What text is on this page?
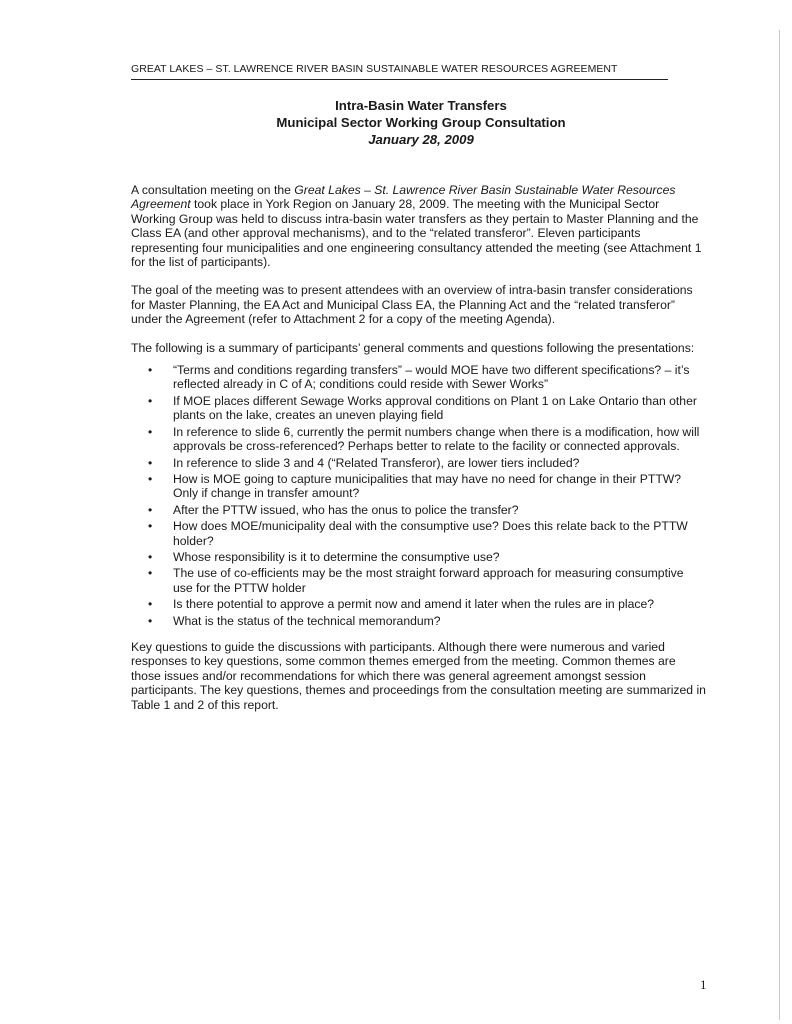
GREAT LAKES – ST. LAWRENCE RIVER BASIN SUSTAINABLE WATER RESOURCES AGREEMENT
Intra-Basin Water Transfers
Municipal Sector Working Group Consultation
January 28, 2009

A consultation meeting on the Great Lakes – St. Lawrence River Basin Sustainable Water Resources Agreement took place in York Region on January 28, 2009. The meeting with the Municipal Sector Working Group was held to discuss intra-basin water transfers as they pertain to Master Planning and the Class EA (and other approval mechanisms), and to the “related transferor”. Eleven participants representing four municipalities and one engineering consultancy attended the meeting (see Attachment 1 for the list of participants).

The goal of the meeting was to present attendees with an overview of intra-basin transfer considerations for Master Planning, the EA Act and Municipal Class EA, the Planning Act and the “related transferor” under the Agreement (refer to Attachment 2 for a copy of the meeting Agenda).

The following is a summary of participants’ general comments and questions following the presentations:

• “Terms and conditions regarding transfers” – would MOE have two different specifications? – it’s reflected already in C of A; conditions could reside with Sewer Works”
• If MOE places different Sewage Works approval conditions on Plant 1 on Lake Ontario than other plants on the lake, creates an uneven playing field
• In reference to slide 6, currently the permit numbers change when there is a modification, how will approvals be cross-referenced? Perhaps better to relate to the facility or connected approvals.
• In reference to slide 3 and 4 (“Related Transferor), are lower tiers included?
• How is MOE going to capture municipalities that may have no need for change in their PTTW? Only if change in transfer amount?
• After the PTTW issued, who has the onus to police the transfer?
• How does MOE/municipality deal with the consumptive use? Does this relate back to the PTTW holder?
• Whose responsibility is it to determine the consumptive use?
• The use of co-efficients may be the most straight forward approach for measuring consumptive use for the PTTW holder
• Is there potential to approve a permit now and amend it later when the rules are in place?
• What is the status of the technical memorandum?

Key questions to guide the discussions with participants. Although there were numerous and varied responses to key questions, some common themes emerged from the meeting. Common themes are those issues and/or recommendations for which there was general agreement amongst session participants. The key questions, themes and proceedings from the consultation meeting are summarized in Table 1 and 2 of this report.

1
